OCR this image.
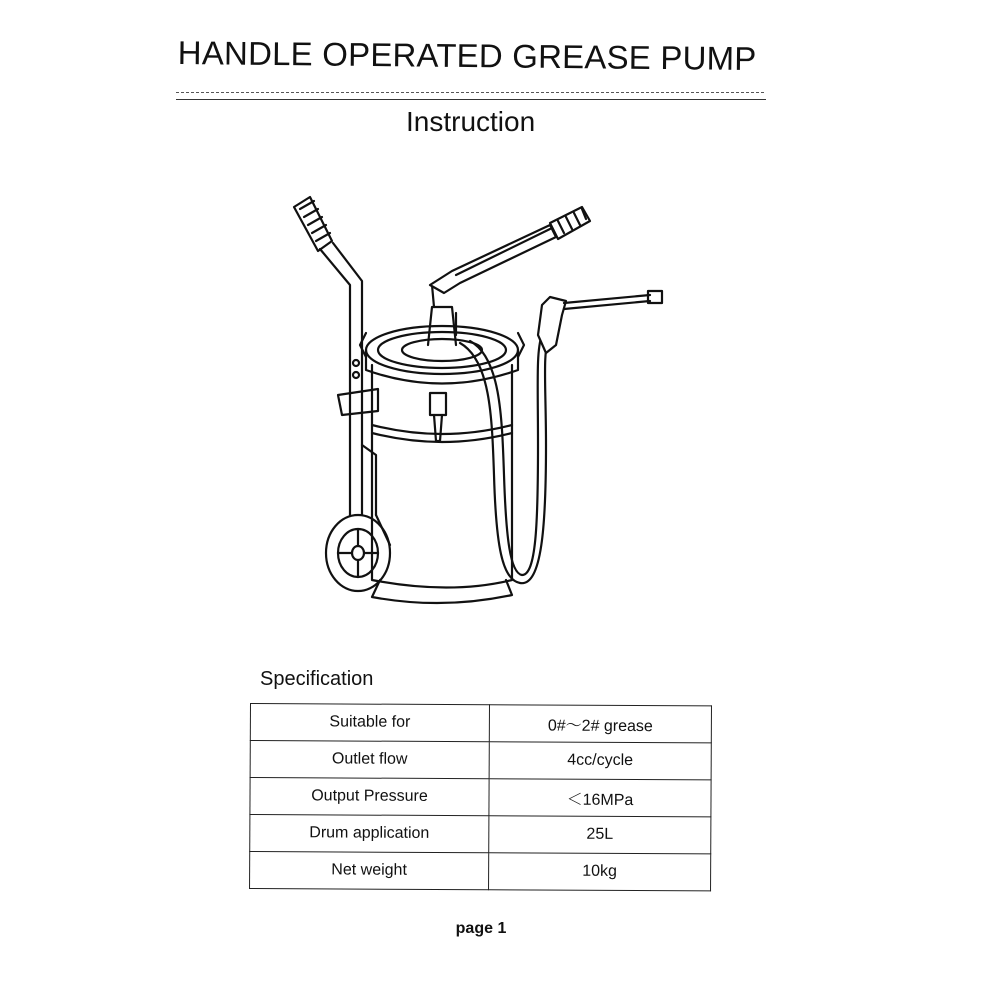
HANDLE OPERATED GREASE PUMP
Instruction
Specification
Suitable for	0#～2# grease
Outlet flow	4cc/cycle
Output Pressure	＜16MPa
Drum application	25L
Net weight	10kg
page 1
